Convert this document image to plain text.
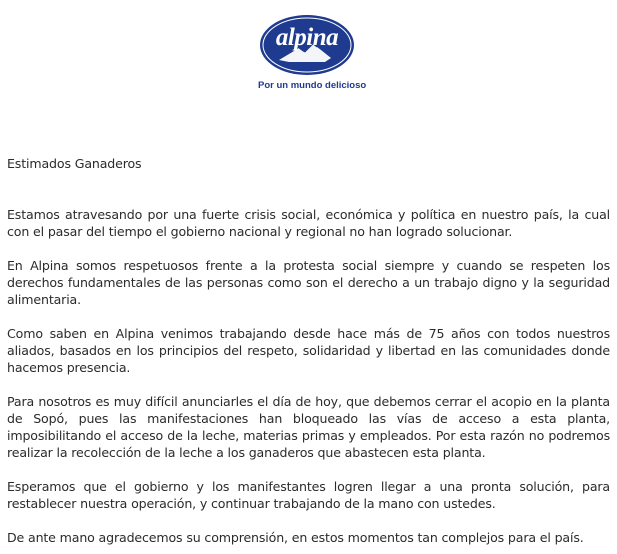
alpina
Por un mundo delicioso

Estimados Ganaderos

Estamos atravesando por una fuerte crisis social, económica y política en nuestro país, la cual con el pasar del tiempo el gobierno nacional y regional no han logrado solucionar.

En Alpina somos respetuosos frente a la protesta social siempre y cuando se respeten los derechos fundamentales de las personas como son el derecho a un trabajo digno y la seguridad alimentaria.

Como saben en Alpina venimos trabajando desde hace más de 75 años con todos nuestros aliados, basados en los principios del respeto, solidaridad y libertad en las comunidades donde hacemos presencia.

Para nosotros es muy difícil anunciarles el día de hoy, que debemos cerrar el acopio en la planta de Sopó, pues las manifestaciones han bloqueado las vías de acceso a esta planta, imposibilitando el acceso de la leche, materias primas y empleados. Por esta razón no podremos realizar la recolección de la leche a los ganaderos que abastecen esta planta.

Esperamos que el gobierno y los manifestantes logren llegar a una pronta solución, para restablecer nuestra operación, y continuar trabajando de la mano con ustedes.

De ante mano agradecemos su comprensión, en estos momentos tan complejos para el país.
